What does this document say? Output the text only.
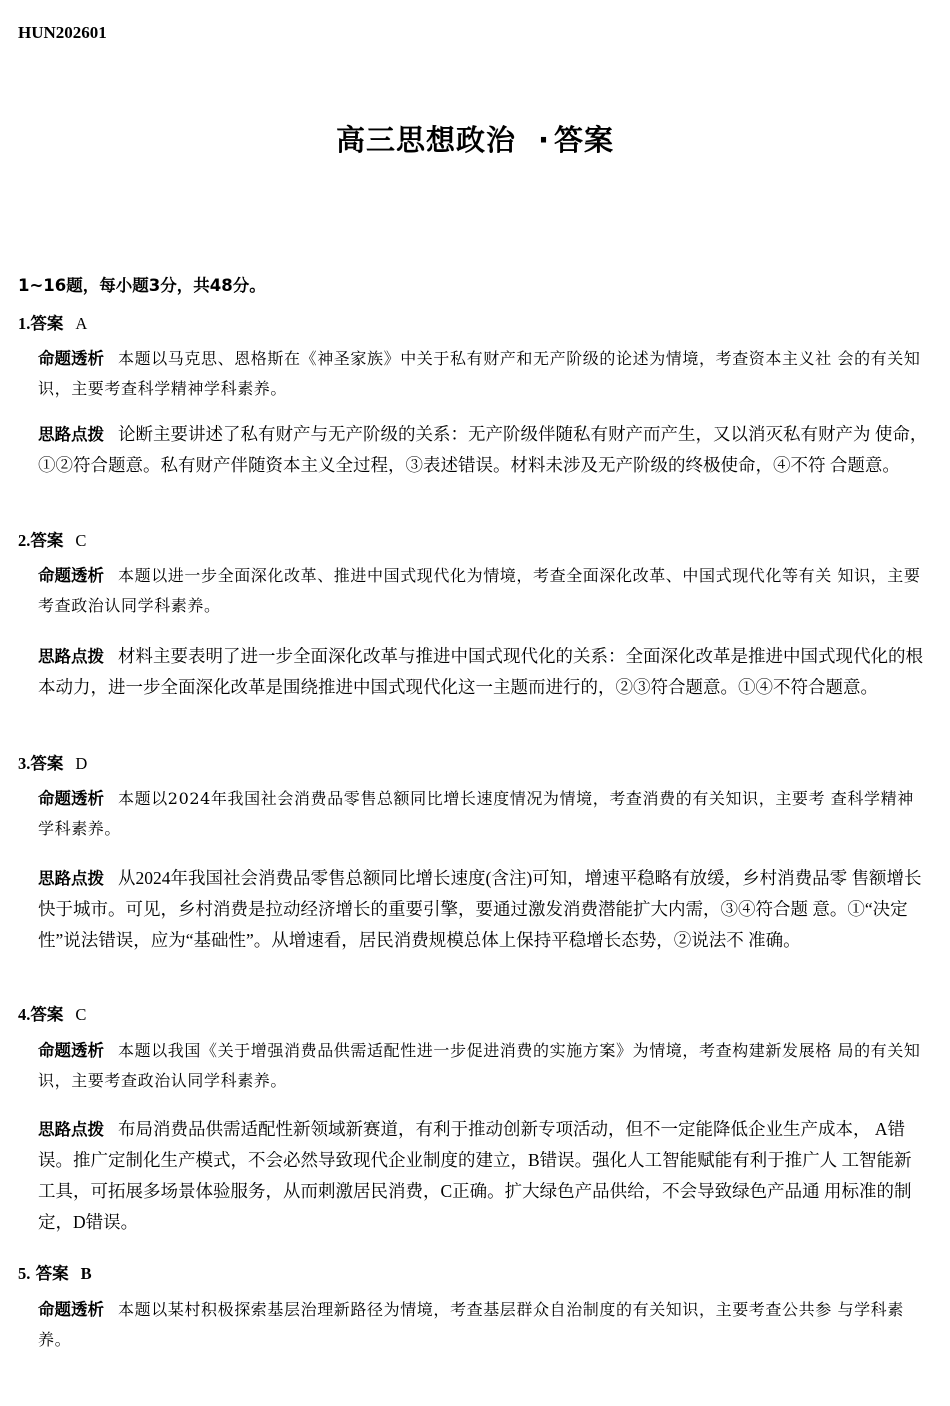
HUN202601
高三思想政治 · 答案
1~16题，每小题3分，共48分。
1.答案 A
命题透析 本题以马克思、恩格斯在《神圣家族》中关于私有财产和无产阶级的论述为情境，考查资本主义社 会的有关知识，主要考查科学精神学科素养。
思路点拨 论断主要讲述了私有财产与无产阶级的关系：无产阶级伴随私有财产而产生，又以消灭私有财产为 使命，①②符合题意。私有财产伴随资本主义全过程，③表述错误。材料未涉及无产阶级的终极使命，④不符 合题意。
2.答案 C
命题透析 本题以进一步全面深化改革、推进中国式现代化为情境，考查全面深化改革、中国式现代化等有关 知识，主要考查政治认同学科素养。
思路点拨 材料主要表明了进一步全面深化改革与推进中国式现代化的关系：全面深化改革是推进中国式现代化的根本动力，进一步全面深化改革是围绕推进中国式现代化这一主题而进行的，②③符合题意。①④不符合题意。
3.答案 D
命题透析 本题以2024年我国社会消费品零售总额同比增长速度情况为情境，考查消费的有关知识，主要考 查科学精神学科素养。
思路点拨 从2024年我国社会消费品零售总额同比增长速度(含注)可知，增速平稳略有放缓，乡村消费品零 售额增长快于城市。可见，乡村消费是拉动经济增长的重要引擎，要通过激发消费潜能扩大内需，③④符合题 意。①“决定性”说法错误，应为“基础性”。从增速看，居民消费规模总体上保持平稳增长态势，②说法不 准确。
4.答案 C
命题透析 本题以我国《关于增强消费品供需适配性进一步促进消费的实施方案》为情境，考查构建新发展格 局的有关知识，主要考查政治认同学科素养。
思路点拨 布局消费品供需适配性新领域新赛道，有利于推动创新专项活动，但不一定能降低企业生产成本， A错误。推广定制化生产模式，不会必然导致现代企业制度的建立，B错误。强化人工智能赋能有利于推广人 工智能新工具，可拓展多场景体验服务，从而刺激居民消费，C正确。扩大绿色产品供给，不会导致绿色产品通 用标准的制定，D错误。
5. 答案 B
命题透析 本题以某村积极探索基层治理新路径为情境，考查基层群众自治制度的有关知识，主要考查公共参 与学科素养。
